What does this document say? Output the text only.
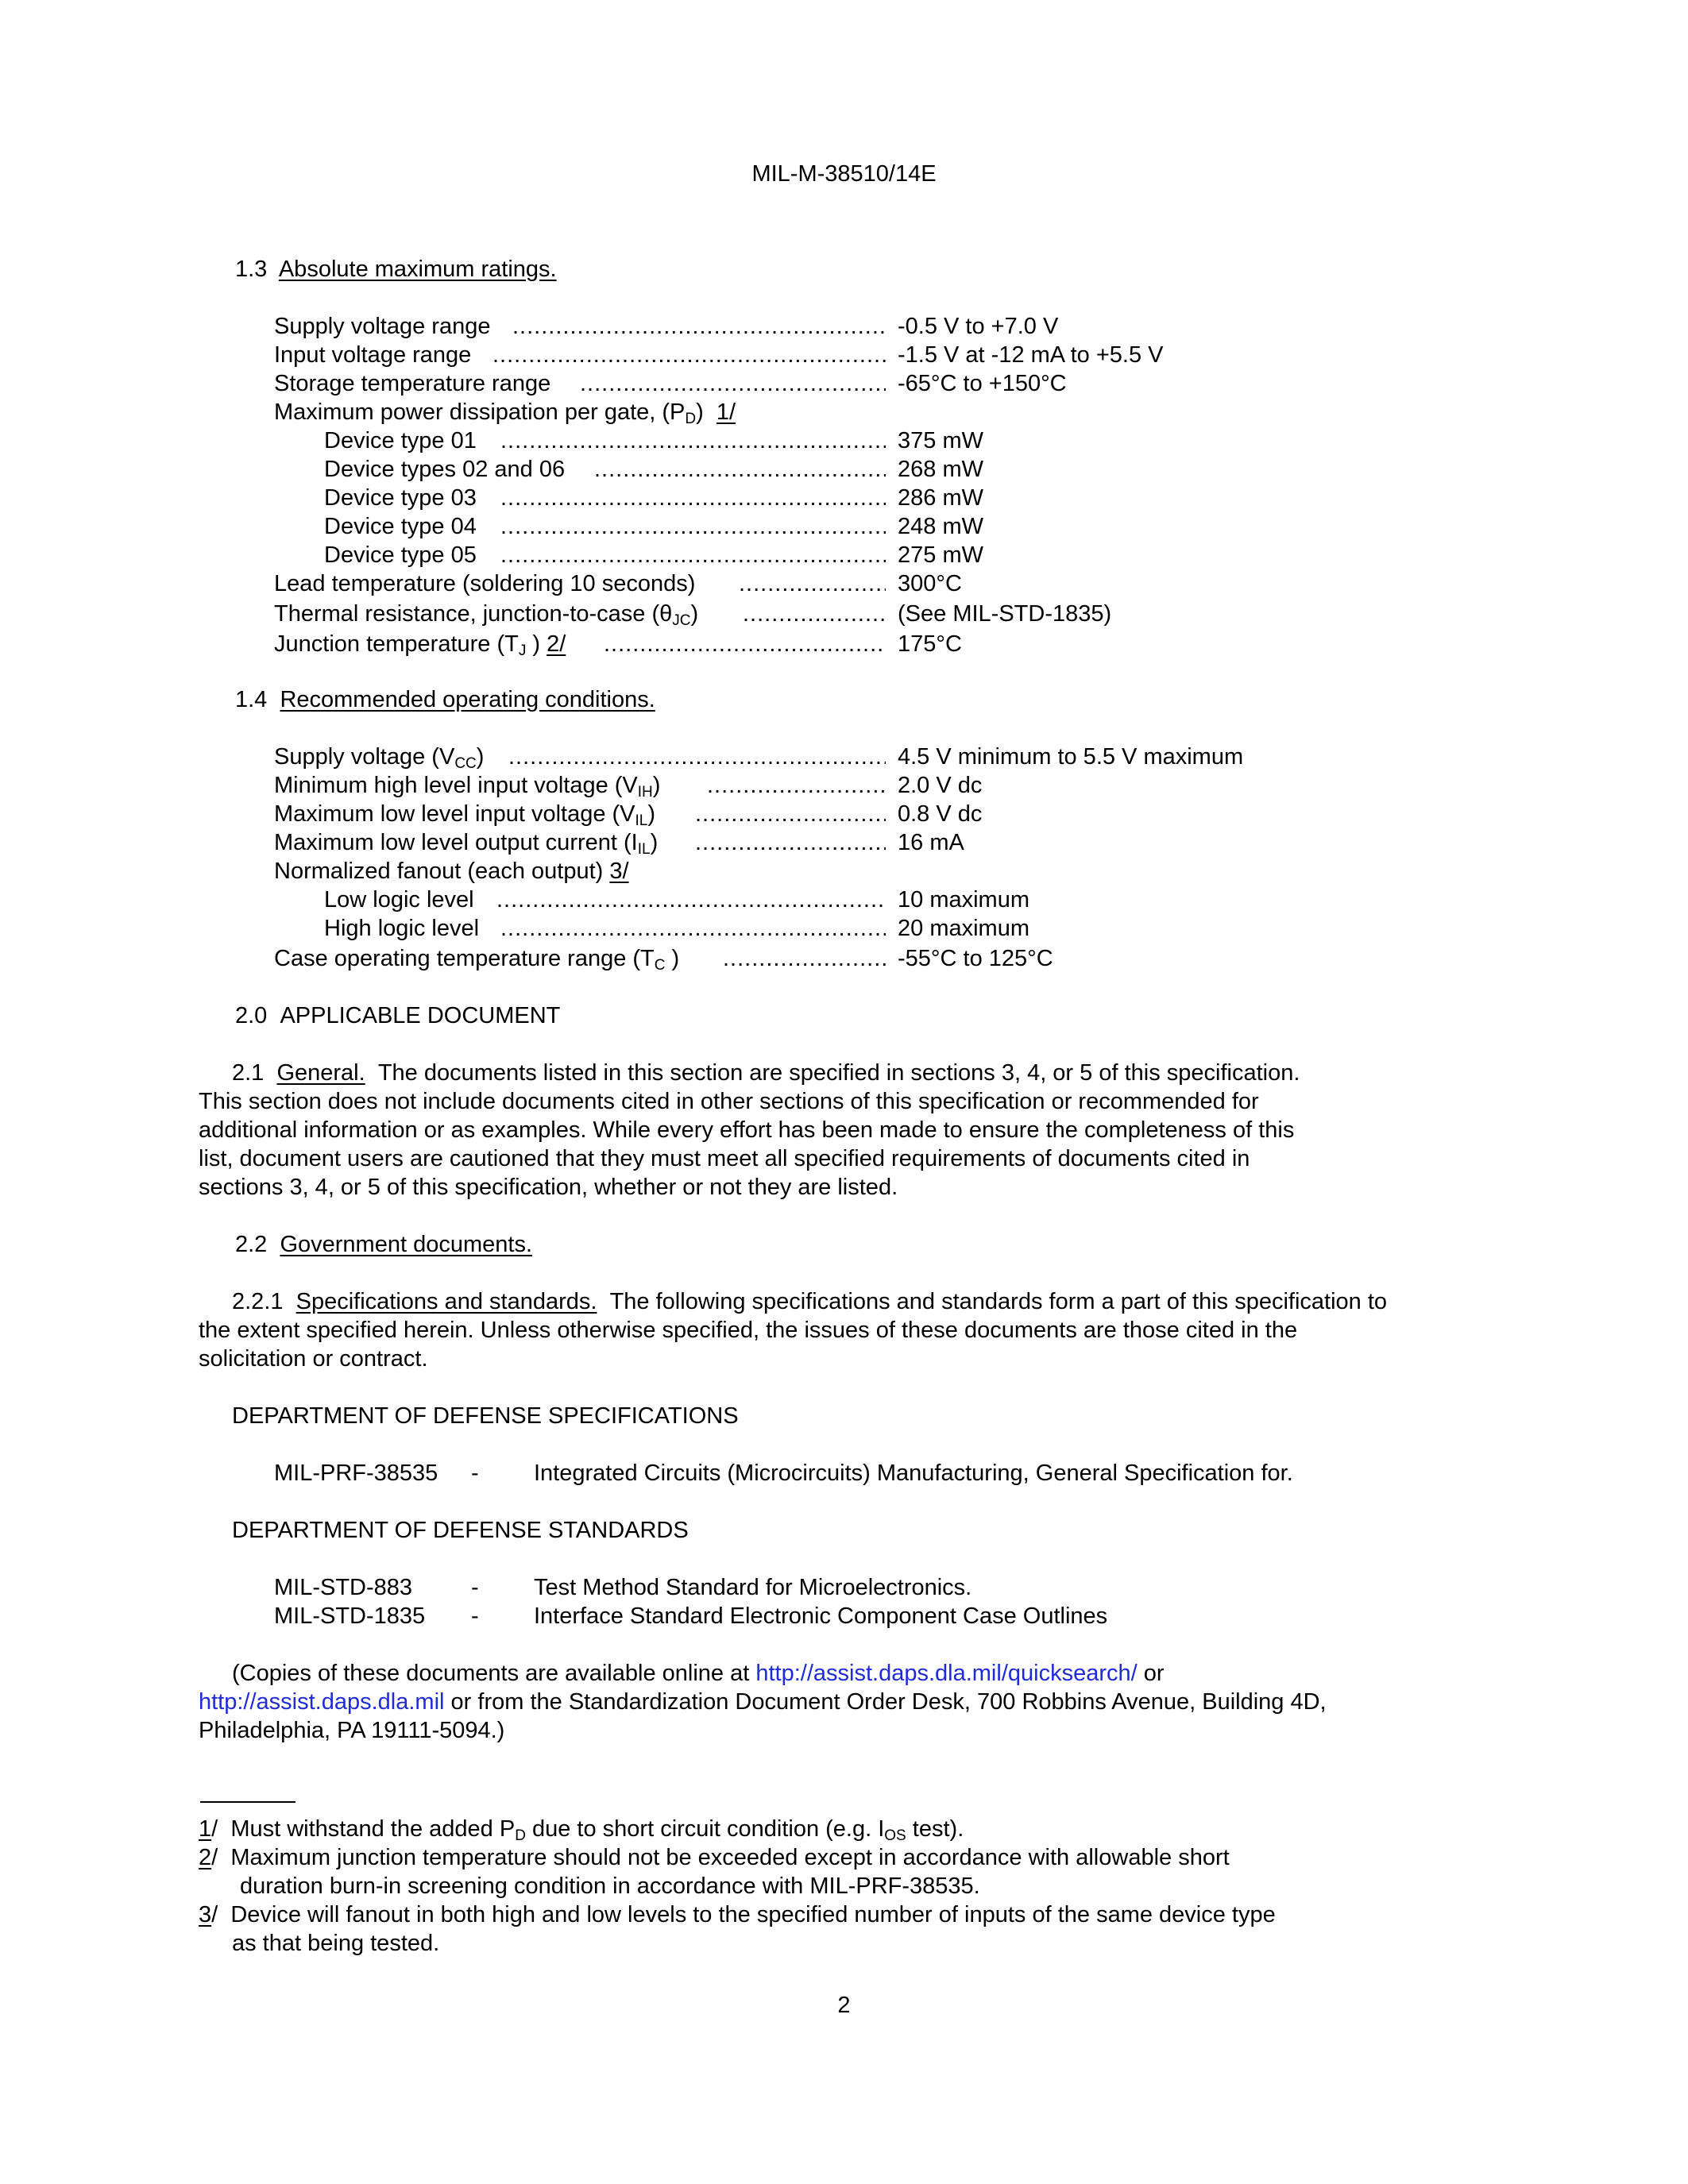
MIL-M-38510/14E
1.3 Absolute maximum ratings.
Supply voltage range .....	-0.5 V to +7.0 V
Input voltage range .....	-1.5 V at -12 mA to +5.5 V
Storage temperature range .....	-65°C to +150°C
Maximum power dissipation per gate, $(P_D)$ 1/
Device type 01 .....	375 mW
Device types 02 and 06 .....	268 mW
Device type 03 .....	286 mW
Device type 04 .....	248 mW
Device type 05 .....	275 mW
Lead temperature (soldering 10 seconds) .....	300°C
Thermal resistance, junction-to-case $(\theta_{JC})$ .....	(See MIL-STD-1835)
Junction temperature ($T_J$ ) 2/ .....	175°C
1.4 Recommended operating conditions.
Supply voltage $(V_{CC})$ .....	4.5 V minimum to 5.5 V maximum
Minimum high level input voltage $(V_{IH})$ .....	2.0 V dc
Maximum low level input voltage $(V_{IL})$ .....	0.8 V dc
Maximum low level output current $(I_{IL})$ .....	16 mA
Normalized fanout (each output) 3/
Low logic level .....	10 maximum
High logic level .....	20 maximum
Case operating temperature range ($T_C$ ) .....	-55°C to 125°C
2.0 APPLICABLE DOCUMENT
2.1 General. The documents listed in this section are specified in sections 3, 4, or 5 of this specification.
This section does not include documents cited in other sections of this specification or recommended for
additional information or as examples. While every effort has been made to ensure the completeness of this
list, document users are cautioned that they must meet all specified requirements of documents cited in
sections 3, 4, or 5 of this specification, whether or not they are listed.
2.2 Government documents.
2.2.1 Specifications and standards. The following specifications and standards form a part of this specification to
the extent specified herein. Unless otherwise specified, the issues of these documents are those cited in the
solicitation or contract.
DEPARTMENT OF DEFENSE SPECIFICATIONS
MIL-PRF-38535 - Integrated Circuits (Microcircuits) Manufacturing, General Specification for.
DEPARTMENT OF DEFENSE STANDARDS
MIL-STD-883	- Test Method Standard for Microelectronics.
MIL-STD-1835 - Interface Standard Electronic Component Case Outlines
(Copies of these documents are available online at http://assist.daps.dla.mil/quicksearch/ or
http://assist.daps.dla.mil or from the Standardization Document Order Desk, 700 Robbins Avenue, Building 4D,
Philadelphia, PA 19111-5094.)
1/  Must withstand the added $P_D$ due to short circuit condition (e.g. $I_{OS}$ test).
2/  Maximum junction temperature should not be exceeded except in accordance with allowable short
duration burn-in screening condition in accordance with MIL-PRF-38535.
3/  Device will fanout in both high and low levels to the specified number of inputs of the same device type
as that being tested.
2
